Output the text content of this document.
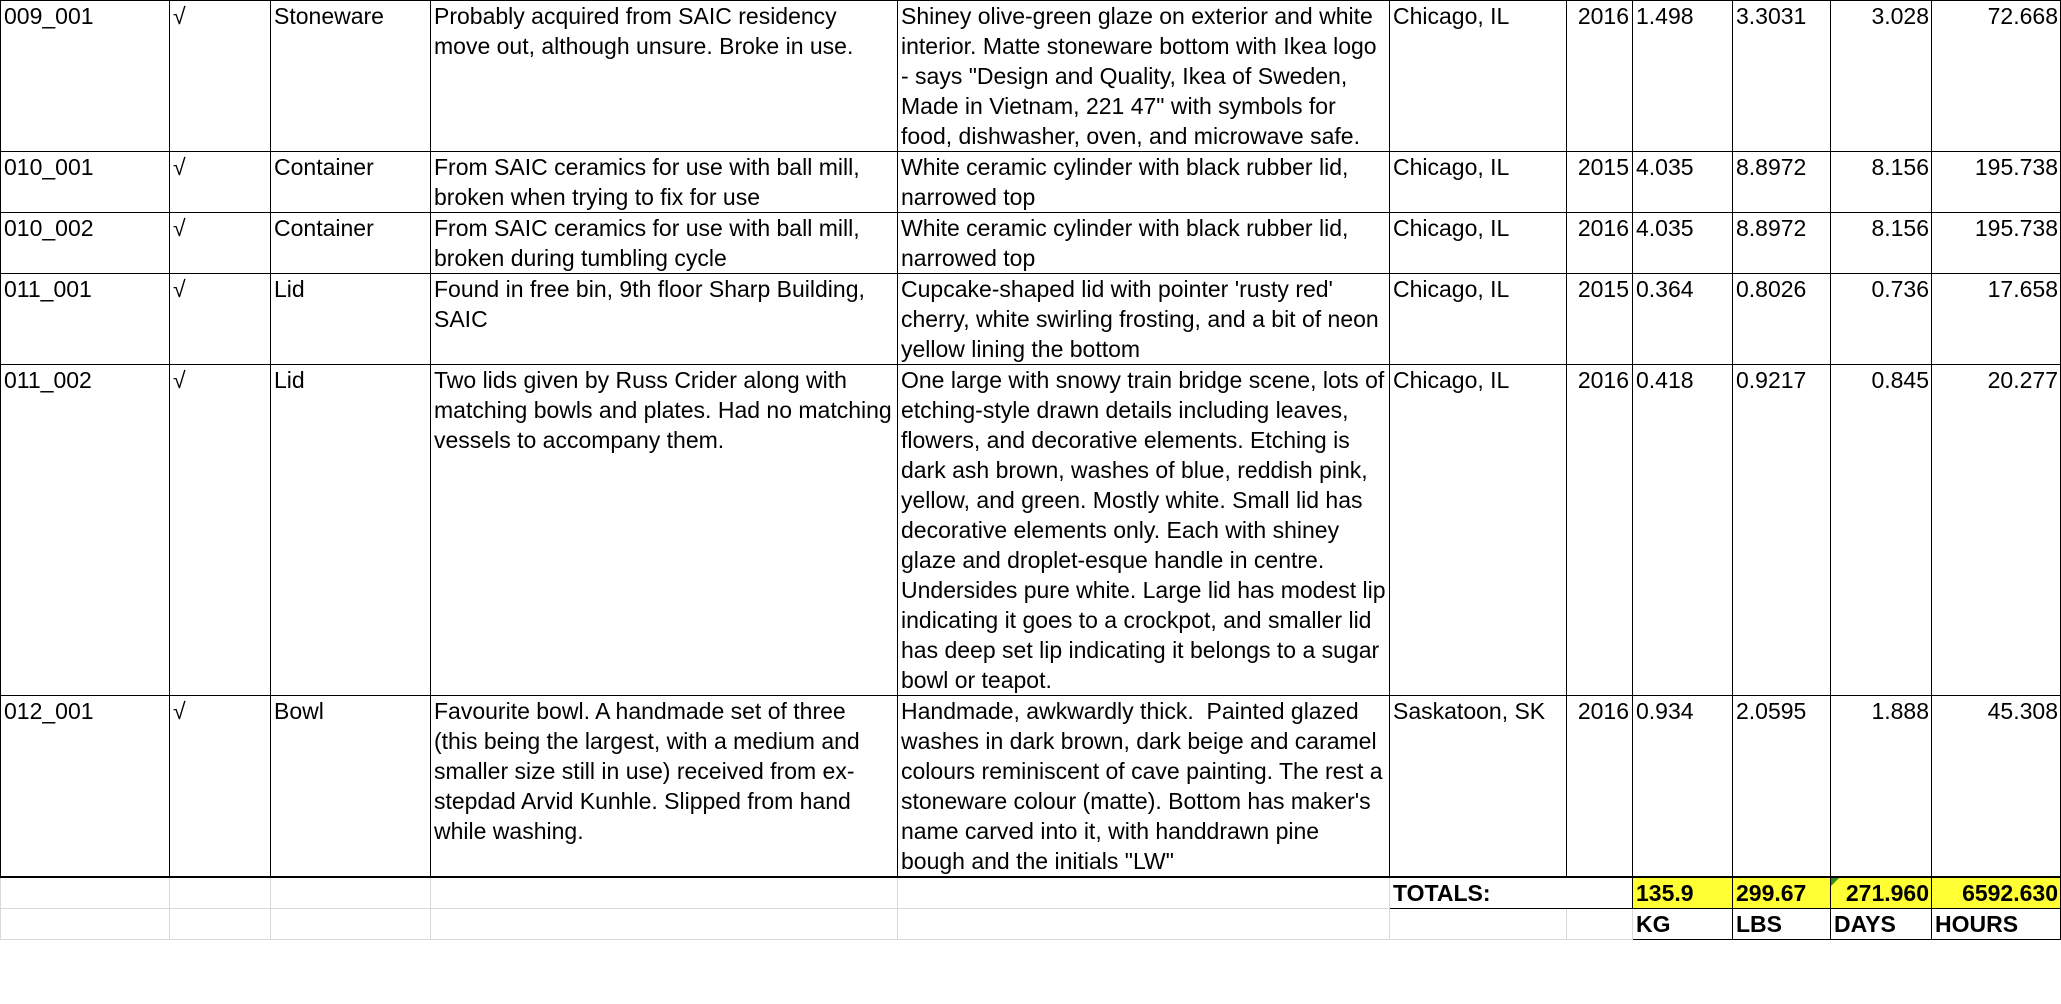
009_001	√	Stoneware	Probably acquired from SAIC residency move out, although unsure. Broke in use.	Shiney olive-green glaze on exterior and white interior. Matte stoneware bottom with Ikea logo - says "Design and Quality, Ikea of Sweden, Made in Vietnam, 221 47" with symbols for food, dishwasher, oven, and microwave safe.	Chicago, IL	2016	1.498	3.3031	3.028	72.668
010_001	√	Container	From SAIC ceramics for use with ball mill, broken when trying to fix for use	White ceramic cylinder with black rubber lid, narrowed top	Chicago, IL	2015	4.035	8.8972	8.156	195.738
010_002	√	Container	From SAIC ceramics for use with ball mill, broken during tumbling cycle	White ceramic cylinder with black rubber lid, narrowed top	Chicago, IL	2016	4.035	8.8972	8.156	195.738
011_001	√	Lid	Found in free bin, 9th floor Sharp Building, SAIC	Cupcake-shaped lid with pointer 'rusty red' cherry, white swirling frosting, and a bit of neon yellow lining the bottom	Chicago, IL	2015	0.364	0.8026	0.736	17.658
011_002	√	Lid	Two lids given by Russ Crider along with matching bowls and plates. Had no matching vessels to accompany them.	One large with snowy train bridge scene, lots of etching-style drawn details including leaves, flowers, and decorative elements. Etching is dark ash brown, washes of blue, reddish pink, yellow, and green. Mostly white. Small lid has decorative elements only. Each with shiney glaze and droplet-esque handle in centre. Undersides pure white. Large lid has modest lip indicating it goes to a crockpot, and smaller lid has deep set lip indicating it belongs to a sugar bowl or teapot.	Chicago, IL	2016	0.418	0.9217	0.845	20.277
012_001	√	Bowl	Favourite bowl. A handmade set of three (this being the largest, with a medium and smaller size still in use) received from ex-stepdad Arvid Kunhle. Slipped from hand while washing.	Handmade, awkwardly thick.  Painted glazed washes in dark brown, dark beige and caramel colours reminiscent of cave painting. The rest a stoneware colour (matte). Bottom has maker's name carved into it, with handdrawn pine bough and the initials "LW"	Saskatoon, SK	2016	0.934	2.0595	1.888	45.308
					TOTALS:		135.9	299.67	271.960	6592.630
							KG	LBS	DAYS	HOURS
